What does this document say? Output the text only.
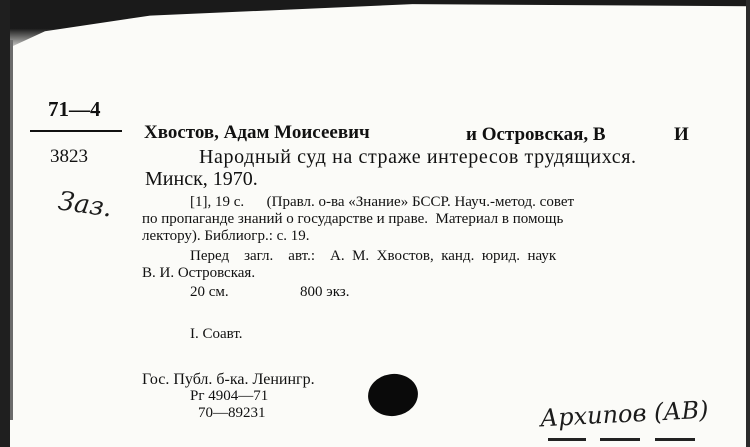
71—4
3823
Заз.
Хвостов, Адам Моисеевич	и Островская, В	И
Народный суд на страже интересов трудящихся.
Минск, 1970.
[1], 19 с.      (Правл. о-ва «Знание» БССР. Науч.-метод. совет
по пропаганде знаний о государстве и праве.  Материал в помощь
лектору). Библиогр.: с. 19.
Перед    загл.    авт.:    А.  М.  Хвостов,  канд.  юрид.  наук
В. И. Островская.
20 см.	800 экз.
I. Соавт.
Гос. Публ. б-ка. Ленингр.
Рг 4904—71
70—89231	Архипов (АВ)
